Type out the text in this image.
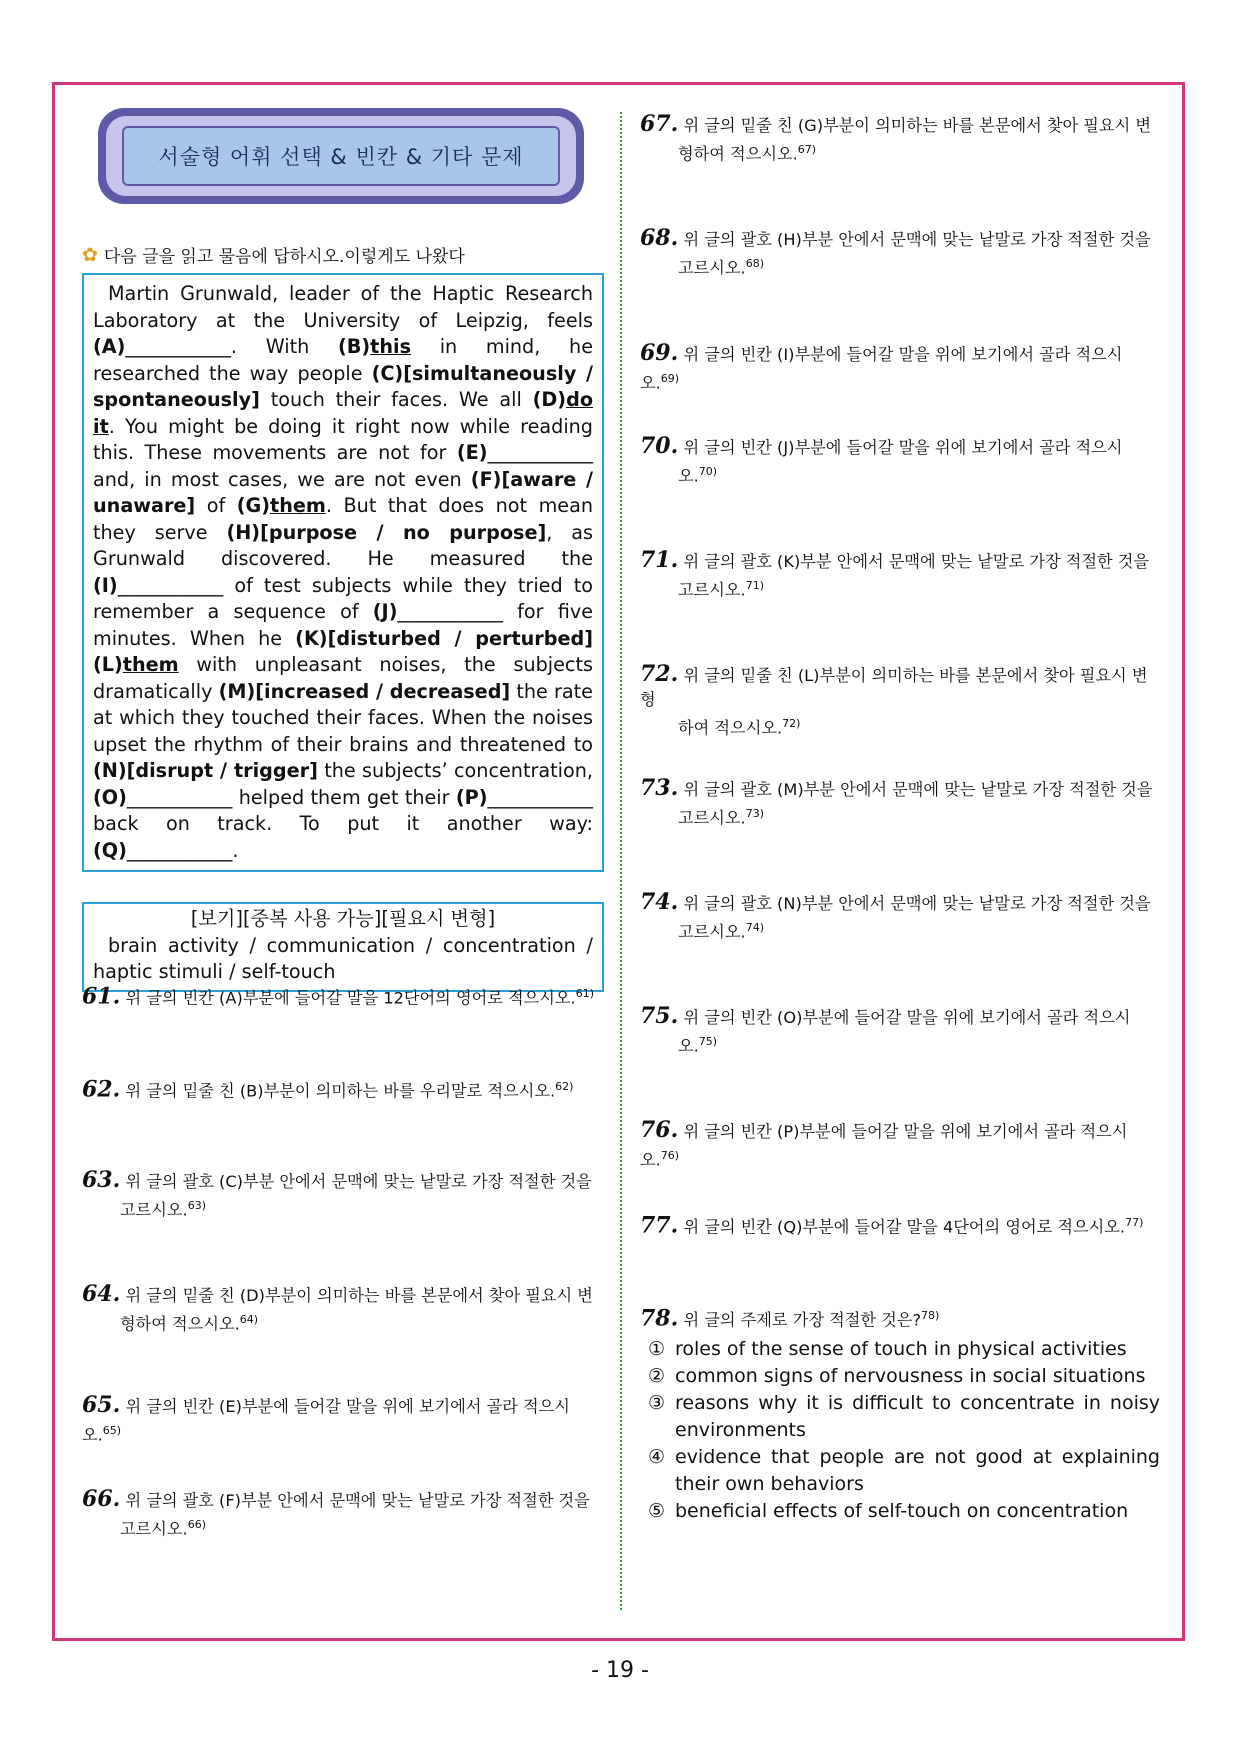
서술형 어휘 선택 & 빈칸 & 기타 문제
✿ 다음 글을 읽고 물음에 답하시오.이렇게도 나왔다

Martin Grunwald, leader of the Haptic Research Laboratory at the University of Leipzig, feels (A)___________. With (B)this in mind, he researched the way people (C)[simultaneously / spontaneously] touch their faces. We all (D)do it. You might be doing it right now while reading this. These movements are not for (E)___________ and, in most cases, we are not even (F)[aware / unaware] of (G)them. But that does not mean they serve (H)[purpose / no purpose], as Grunwald discovered. He measured the (I)___________ of test subjects while they tried to remember a sequence of (J)___________ for five minutes. When he (K)[disturbed / perturbed] (L)them with unpleasant noises, the subjects dramatically (M)[increased / decreased] the rate at which they touched their faces. When the noises upset the rhythm of their brains and threatened to (N)[disrupt / trigger] the subjects’ concentration, (O)___________ helped them get their (P)___________ back on track. To put it another way: (Q)___________.

[보기][중복 사용 가능][필요시 변형]
brain activity / communication / concentration / haptic stimuli / self-touch
61. 위 글의 빈칸 (A)부분에 들어갈 말을 12단어의 영어로 적으시오.$^{61)}$
62. 위 글의 밑줄 친 (B)부분이 의미하는 바를 우리말로 적으시오.$^{62)}$
63. 위 글의 괄호 (C)부분 안에서 문맥에 맞는 낱말로 가장 적절한 것을
고르시오.$^{63)}$
64. 위 글의 밑줄 친 (D)부분이 의미하는 바를 본문에서 찾아 필요시 변
형하여 적으시오.$^{64)}$
65. 위 글의 빈칸 (E)부분에 들어갈 말을 위에 보기에서 골라 적으시오.$^{65)}$
66. 위 글의 괄호 (F)부분 안에서 문맥에 맞는 낱말로 가장 적절한 것을
고르시오.$^{66)}$
67. 위 글의 밑줄 친 (G)부분이 의미하는 바를 본문에서 찾아 필요시 변
형하여 적으시오.$^{67)}$
68. 위 글의 괄호 (H)부분 안에서 문맥에 맞는 낱말로 가장 적절한 것을
고르시오.$^{68)}$
69. 위 글의 빈칸 (I)부분에 들어갈 말을 위에 보기에서 골라 적으시오.$^{69)}$
70. 위 글의 빈칸 (J)부분에 들어갈 말을 위에 보기에서 골라 적으시
오.$^{70)}$
71. 위 글의 괄호 (K)부분 안에서 문맥에 맞는 낱말로 가장 적절한 것을
고르시오.$^{71)}$
72. 위 글의 밑줄 친 (L)부분이 의미하는 바를 본문에서 찾아 필요시 변형
하여 적으시오.$^{72)}$
73. 위 글의 괄호 (M)부분 안에서 문맥에 맞는 낱말로 가장 적절한 것을
고르시오.$^{73)}$
74. 위 글의 괄호 (N)부분 안에서 문맥에 맞는 낱말로 가장 적절한 것을
고르시오.$^{74)}$
75. 위 글의 빈칸 (O)부분에 들어갈 말을 위에 보기에서 골라 적으시
오.$^{75)}$
76. 위 글의 빈칸 (P)부분에 들어갈 말을 위에 보기에서 골라 적으시오.$^{76)}$
77. 위 글의 빈칸 (Q)부분에 들어갈 말을 4단어의 영어로 적으시오.$^{77)}$
78. 위 글의 주제로 가장 적절한 것은?$^{78)}$
① roles of the sense of touch in physical activities
② common signs of nervousness in social situations
③ reasons why it is difficult to concentrate in noisy environments
④ evidence that people are not good at explaining their own behaviors
⑤ beneficial effects of self-touch on concentration
- 19 -
